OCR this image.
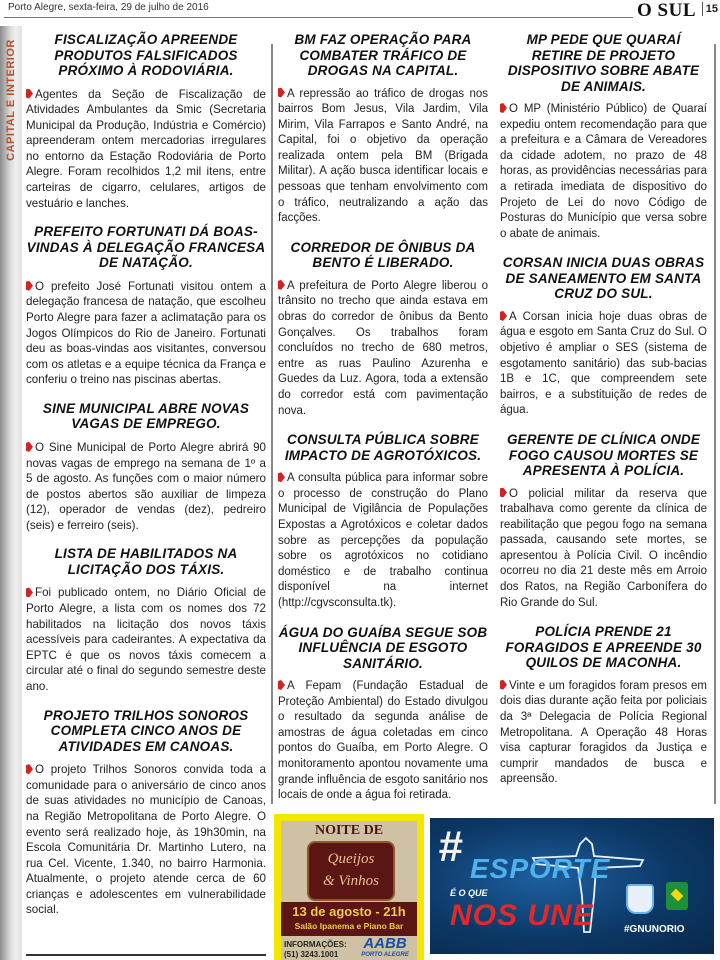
Porto Alegre, sexta-feira, 29 de julho de 2016	O SUL 15
CAPITAL E INTERIOR	FISCALIZAÇÃO APREENDE PRODUTOS FALSIFICADOS PRÓXIMO À RODOVIÁRIA.
Agentes da Seção de Fiscalização de Atividades Ambulantes da Smic (Secretaria Municipal da Produção, Indústria e Comércio) apreenderam ontem mercadorias irregulares no entorno da Estação Rodoviária de Porto Alegre. Foram recolhidos 1,2 mil itens, entre carteiras de cigarro, celulares, artigos de vestuário e lanches.
PREFEITO FORTUNATI DÁ BOAS-VINDAS À DELEGAÇÃO FRANCESA DE NATAÇÃO.
O prefeito José Fortunati visitou ontem a delegação francesa de natação, que escolheu Porto Alegre para fazer a aclimatação para os Jogos Olímpicos do Rio de Janeiro. Fortunati deu as boas-vindas aos visitantes, conversou com os atletas e a equipe técnica da França e conferiu o treino nas piscinas abertas.
SINE MUNICIPAL ABRE NOVAS VAGAS DE EMPREGO.
O Sine Municipal de Porto Alegre abrirá 90 novas vagas de emprego na semana de 1º a 5 de agosto. As funções com o maior número de postos abertos são auxiliar de limpeza (12), operador de vendas (dez), pedreiro (seis) e ferreiro (seis).
LISTA DE HABILITADOS NA LICITAÇÃO DOS TÁXIS.
Foi publicado ontem, no Diário Oficial de Porto Alegre, a lista com os nomes dos 72 habilitados na licitação dos novos táxis acessíveis para cadeirantes. A expectativa da EPTC é que os novos táxis comecem a circular até o final do segundo semestre deste ano.
PROJETO TRILHOS SONOROS COMPLETA CINCO ANOS DE ATIVIDADES EM CANOAS.
O projeto Trilhos Sonoros convida toda a comunidade para o aniversário de cinco anos de suas atividades no município de Canoas, na Região Metropolitana de Porto Alegre. O evento será realizado hoje, às 19h30min, na Escola Comunitária Dr. Martinho Lutero, na rua Cel. Vicente, 1.340, no bairro Harmonia. Atualmente, o projeto atende cerca de 60 crianças e adolescentes em vulnerabilidade social.
BM FAZ OPERAÇÃO PARA COMBATER TRÁFICO DE DROGAS NA CAPITAL.
A repressão ao tráfico de drogas nos bairros Bom Jesus, Vila Jardim, Vila Mirim, Vila Farrapos e Santo André, na Capital, foi o objetivo da operação realizada ontem pela BM (Brigada Militar). A ação busca identificar locais e pessoas que tenham envolvimento com o tráfico, neutralizando a ação das facções.
CORREDOR DE ÔNIBUS DA BENTO É LIBERADO.
A prefeitura de Porto Alegre liberou o trânsito no trecho que ainda estava em obras do corredor de ônibus da Bento Gonçalves. Os trabalhos foram concluídos no trecho de 680 metros, entre as ruas Paulino Azurenha e Guedes da Luz. Agora, toda a extensão do corredor está com pavimentação nova.
CONSULTA PÚBLICA SOBRE IMPACTO DE AGROTÓXICOS.
A consulta pública para informar sobre o processo de construção do Plano Municipal de Vigilância de Populações Expostas a Agrotóxicos e coletar dados sobre as percepções da população sobre os agrotóxicos no cotidiano doméstico e de trabalho continua disponível na internet (http://cgvsconsulta.tk).
ÁGUA DO GUAÍBA SEGUE SOB INFLUÊNCIA DE ESGOTO SANITÁRIO.
A Fepam (Fundação Estadual de Proteção Ambiental) do Estado divulgou o resultado da segunda análise de amostras de água coletadas em cinco pontos do Guaíba, em Porto Alegre. O monitoramento apontou novamente uma grande influência de esgoto sanitário nos locais de onde a água foi retirada.
MP PEDE QUE QUARAÍ RETIRE DE PROJETO DISPOSITIVO SOBRE ABATE DE ANIMAIS.
O MP (Ministério Público) de Quaraí expediu ontem recomendação para que a prefeitura e a Câmara de Vereadores da cidade adotem, no prazo de 48 horas, as providências necessárias para a retirada imediata de dispositivo do Projeto de Lei do novo Código de Posturas do Município que versa sobre o abate de animais.
CORSAN INICIA DUAS OBRAS DE SANEAMENTO EM SANTA CRUZ DO SUL.
A Corsan inicia hoje duas obras de água e esgoto em Santa Cruz do Sul. O objetivo é ampliar o SES (sistema de esgotamento sanitário) das sub-bacias 1B e 1C, que compreendem sete bairros, e a substituição de redes de água.
GERENTE DE CLÍNICA ONDE FOGO CAUSOU MORTES SE APRESENTA À POLÍCIA.
O policial militar da reserva que trabalhava como gerente da clínica de reabilitação que pegou fogo na semana passada, causando sete mortes, se apresentou à Polícia Civil. O incêndio ocorreu no dia 21 deste mês em Arroio dos Ratos, na Região Carbonífera do Rio Grande do Sul.
POLÍCIA PRENDE 21 FORAGIDOS E APREENDE 30 QUILOS DE MACONHA.
Vinte e um foragidos foram presos em dois dias durante ação feita por policiais da 3ª Delegacia de Polícia Regional Metropolitana. A Operação 48 Horas visa capturar foragidos da Justiça e cumprir mandados de busca e apreensão.
NOITE DE
Queijos
& Vinhos
13 de agosto - 21h
Salão Ipanema e Piano Bar
INFORMAÇÕES:
(51) 3243.1001
AABB
PORTO ALEGRE
# ESPORTE
É O QUE
NOS UNE	#GNUNORIO
